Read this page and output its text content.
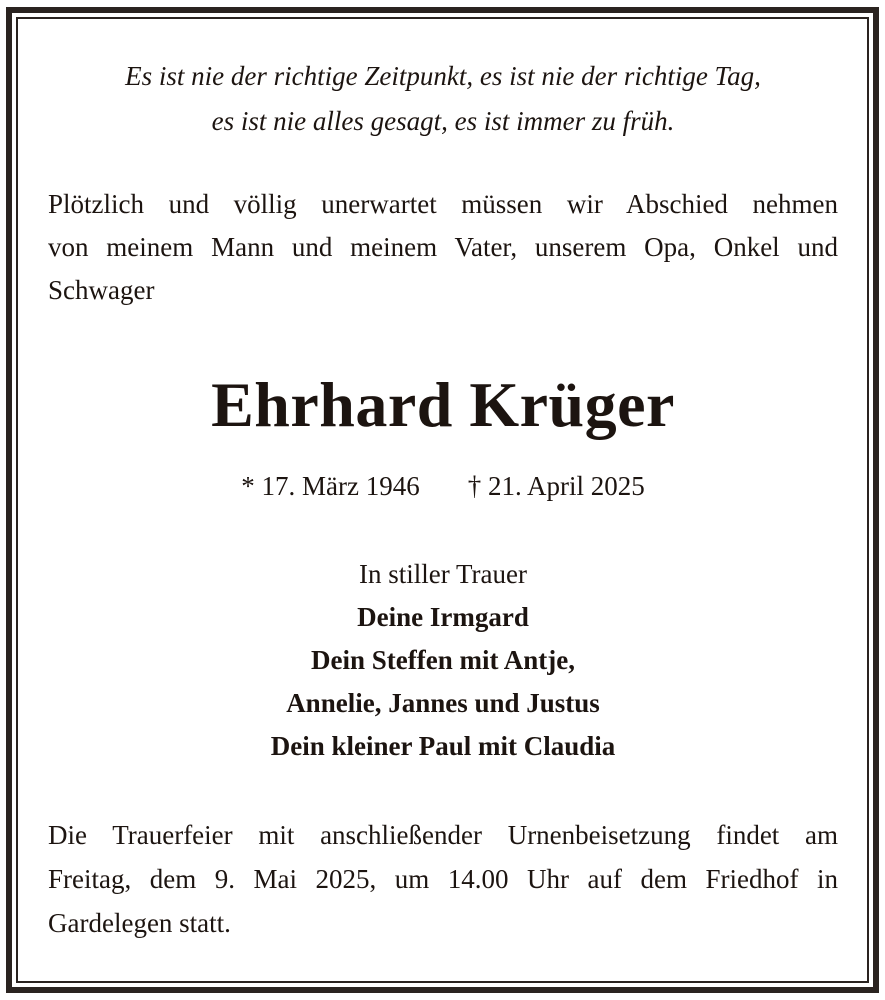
Es ist nie der richtige Zeitpunkt, es ist nie der richtige Tag,
es ist nie alles gesagt, es ist immer zu früh.
Plötzlich und völlig unerwartet müssen wir Abschied nehmen
von meinem Mann und meinem Vater, unserem Opa, Onkel und
Schwager
Ehrhard Krüger
* 17. März 1946 † 21. April 2025
In stiller Trauer
Deine Irmgard
Dein Steffen mit Antje,
Annelie, Jannes und Justus
Dein kleiner Paul mit Claudia
Die Trauerfeier mit anschließender Urnenbeisetzung findet am
Freitag, dem 9. Mai 2025, um 14.00 Uhr auf dem Friedhof in
Gardelegen statt.
